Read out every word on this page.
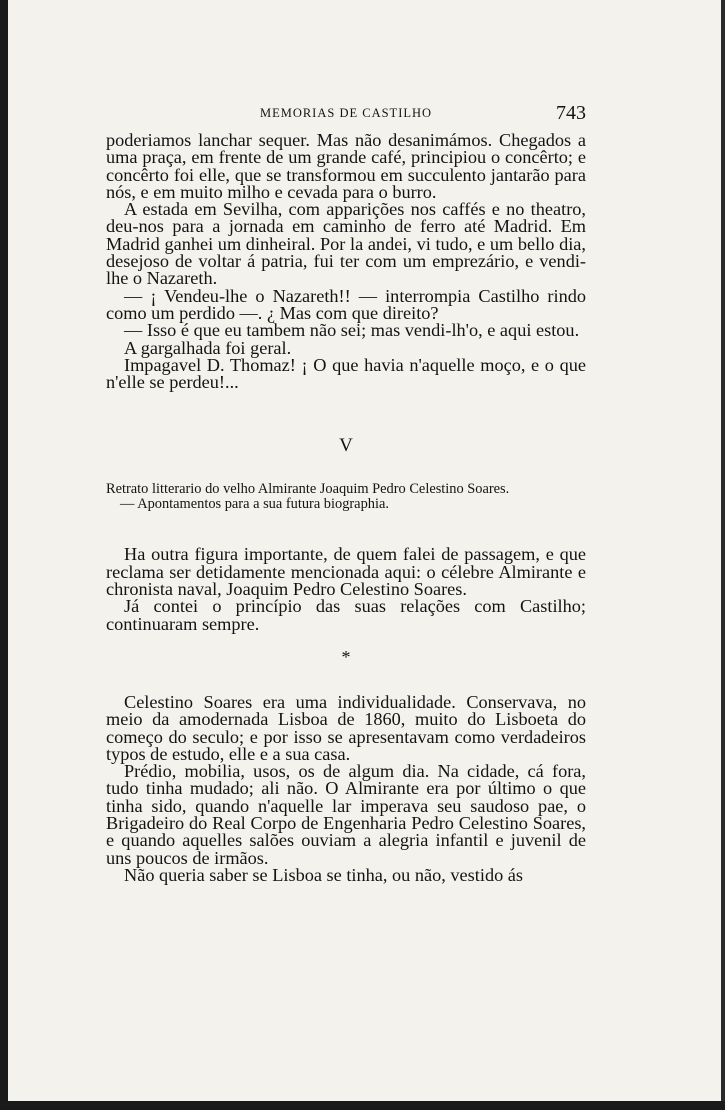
MEMORIAS DE CASTILHO	743

poderiamos lanchar sequer. Mas não desanimámos. Chegados a uma praça, em frente de um grande café, principiou o concêrto; e concêrto foi elle, que se transformou em succulento jantarão para nós, e em muito milho e cevada para o burro.

A estada em Sevilha, com apparições nos caffés e no theatro, deu-nos para a jornada em caminho de ferro até Madrid. Em Madrid ganhei um dinheiral. Por la andei, vi tudo, e um bello dia, desejoso de voltar á patria, fui ter com um emprezário, e vendi-lhe o Nazareth.

— ¡ Vendeu-lhe o Nazareth!! — interrompia Castilho rindo como um perdido —. ¿ Mas com que direito?

— Isso é que eu tambem não sei; mas vendi-lh'o, e aqui estou.

A gargalhada foi geral.

Impagavel D. Thomaz! ¡ O que havia n'aquelle moço, e o que n'elle se perdeu!...

V

Retrato litterario do velho Almirante Joaquim Pedro Celestino Soares.

— Apontamentos para a sua futura biographia.

Ha outra figura importante, de quem falei de passagem, e que reclama ser detidamente mencionada aqui: o célebre Almirante e chronista naval, Joaquim Pedro Celestino Soares.

Já contei o princípio das suas relações com Castilho; continuaram sempre.

*

Celestino Soares era uma individualidade. Conservava, no meio da amodernada Lisboa de 1860, muito do Lisboeta do começo do seculo; e por isso se apresentavam como verdadeiros typos de estudo, elle e a sua casa.

Prédio, mobilia, usos, os de algum dia. Na cidade, cá fora, tudo tinha mudado; ali não. O Almirante era por último o que tinha sido, quando n'aquelle lar imperava seu saudoso pae, o Brigadeiro do Real Corpo de Engenharia Pedro Celestino Soares, e quando aquelles salões ouviam a alegria infantil e juvenil de uns poucos de irmãos.

Não queria saber se Lisboa se tinha, ou não, vestido ás
